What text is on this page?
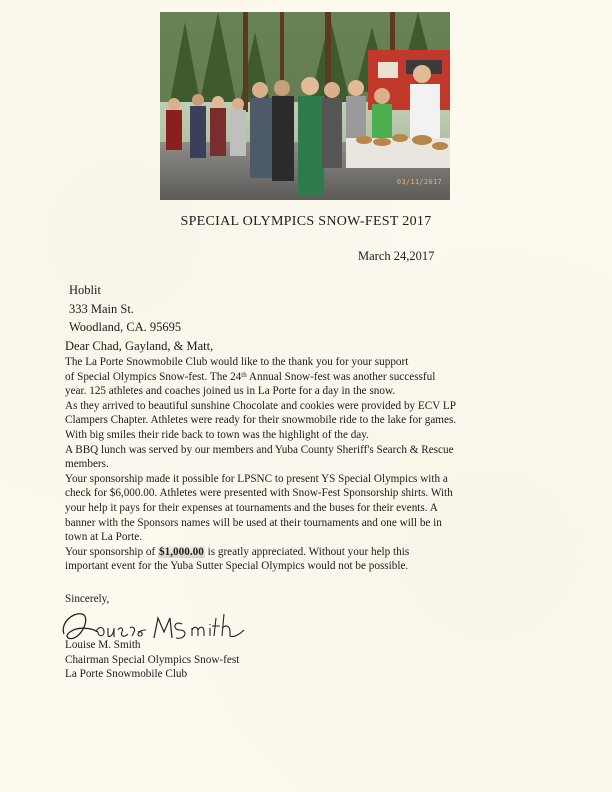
03/11/2017
SPECIAL OLYMPICS SNOW-FEST 2017
March 24,2017
Hoblit
333 Main St.
Woodland, CA. 95695
Dear Chad, Gayland, & Matt,
The La Porte Snowmobile Club would like to the thank you for your support
of Special Olympics Snow-fest. The 24th Annual Snow-fest was another successful
year. 125 athletes and coaches joined us in La Porte for a day in the snow.
As they arrived to beautiful sunshine Chocolate and cookies were provided by ECV LP
Clampers Chapter. Athletes were ready for their snowmobile ride to the lake for games.
With big smiles their ride back to town was the highlight of the day.
A BBQ lunch was served by our members and Yuba County Sheriff's Search & Rescue
members.
Your sponsorship made it possible for LPSNC to present YS Special Olympics with a
check for $6,000.00. Athletes were presented with Snow-Fest Sponsorship shirts. With
your help it pays for their expenses at tournaments and the buses for their events. A
banner with the Sponsors names will be used at their tournaments and one will be in
town at La Porte.
Your sponsorship of $1,000.00 is greatly appreciated. Without your help this
important event for the Yuba Sutter Special Olympics would not be possible.
Sincerely,
Louise M. Smith
Chairman Special Olympics Snow-fest
La Porte Snowmobile Club
